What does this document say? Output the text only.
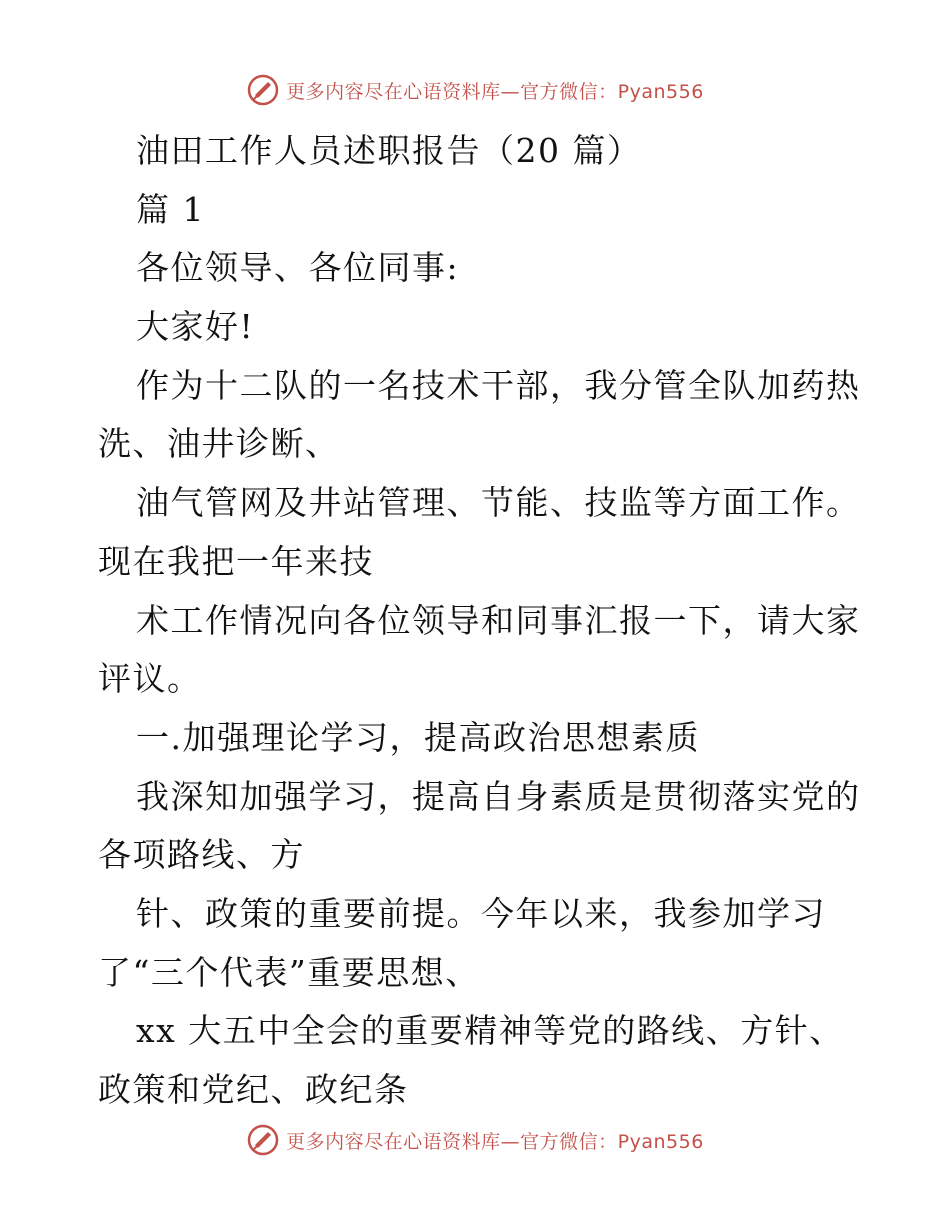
更多内容尽在心语资料库—官方微信：Pyan556
油田工作人员述职报告（20 篇）
篇 1
各位领导、各位同事:
大家好!
作为十二队的一名技术干部，我分管全队加药热
洗、油井诊断、
油气管网及井站管理、节能、技监等方面工作。
现在我把一年来技
术工作情况向各位领导和同事汇报一下，请大家
评议。
一.加强理论学习，提高政治思想素质
我深知加强学习，提高自身素质是贯彻落实党的
各项路线、方
针、政策的重要前提。今年以来，我参加学习
了“三个代表”重要思想、
xx 大五中全会的重要精神等党的路线、方针、
政策和党纪、政纪条
更多内容尽在心语资料库—官方微信：Pyan556
